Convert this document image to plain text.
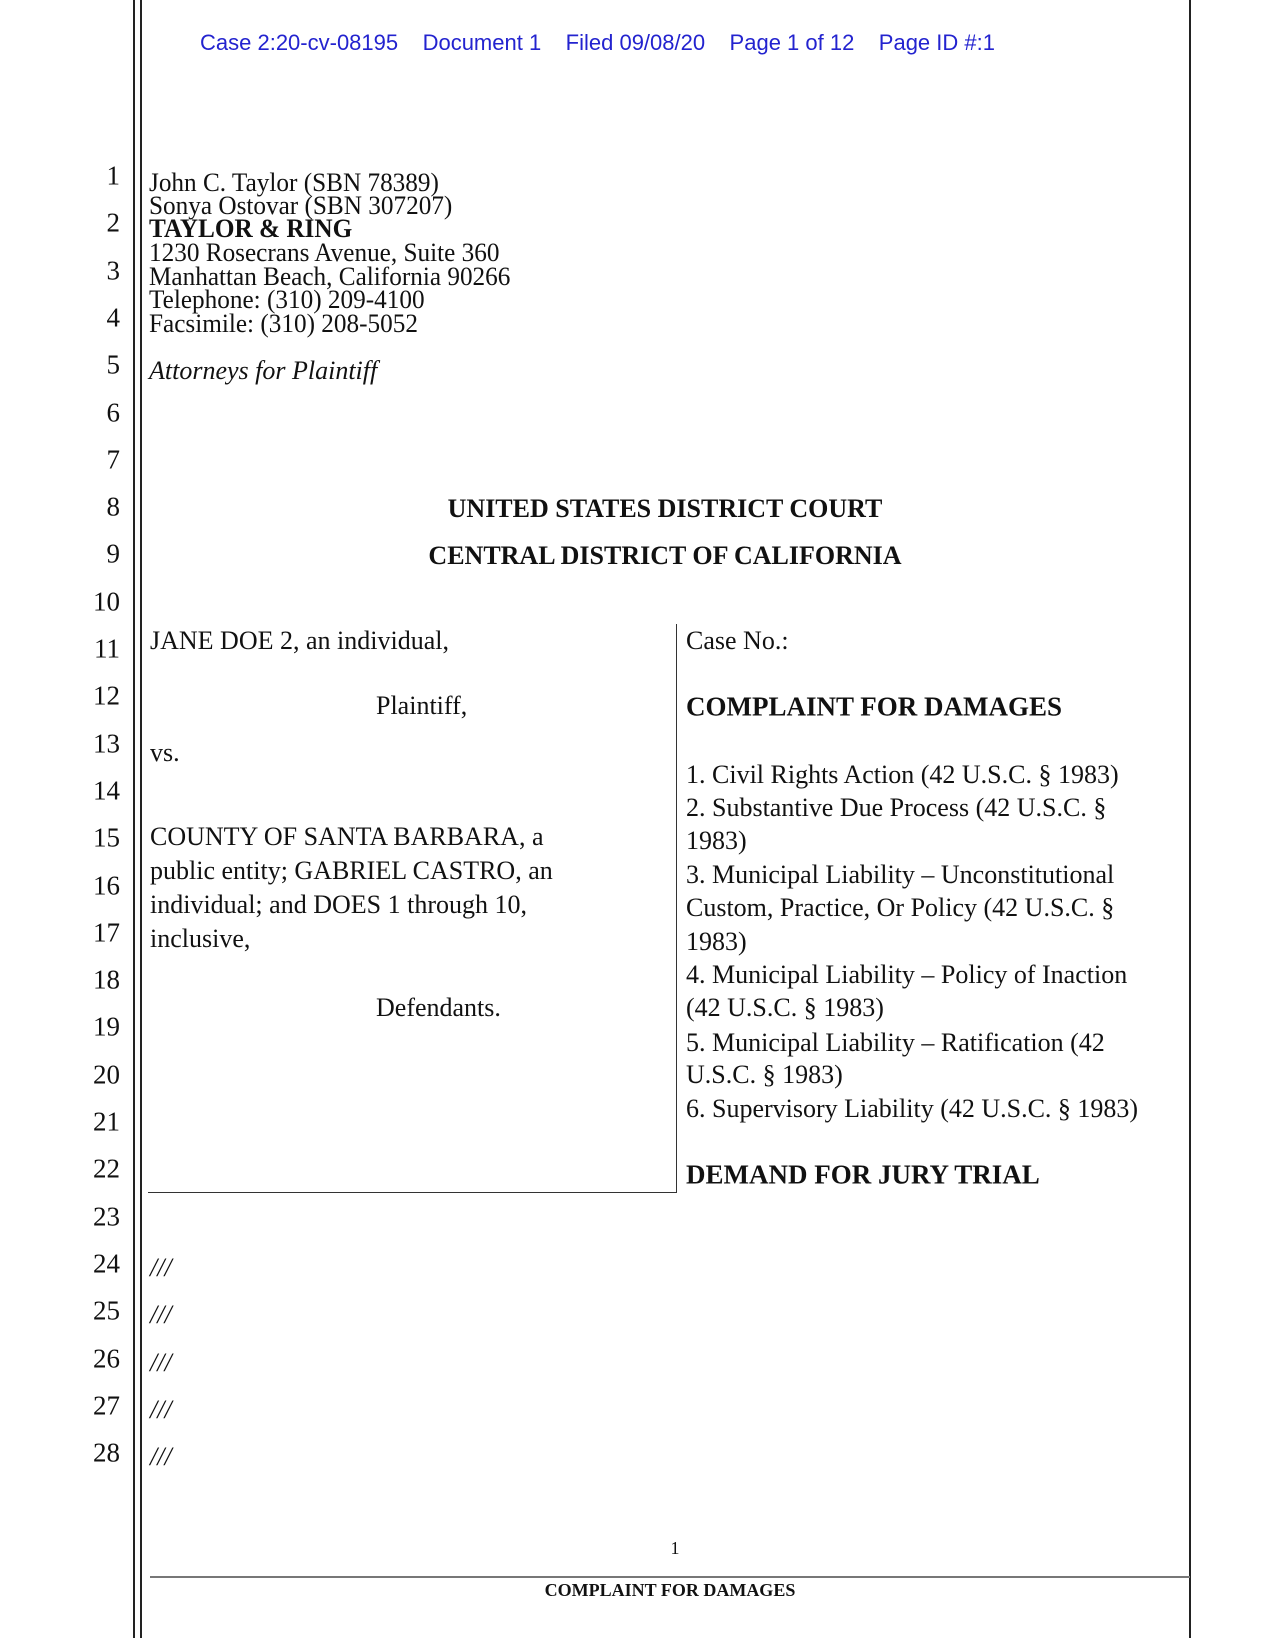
Case 2:20-cv-08195 Document 1 Filed 09/08/20 Page 1 of 12 Page ID #:1
1
2
3
4
5
6
7
8
9
10
11
12
13
14
15
16
17
18
19
20
21
22
23
24
25
26
27
28
John C. Taylor (SBN 78389)
Sonya Ostovar (SBN 307207)
TAYLOR & RING
1230 Rosecrans Avenue, Suite 360
Manhattan Beach, California 90266
Telephone: (310) 209-4100
Facsimile: (310) 208-5052
Attorneys for Plaintiff
UNITED STATES DISTRICT COURT
CENTRAL DISTRICT OF CALIFORNIA
JANE DOE 2, an individual,
Plaintiff,
vs.
COUNTY OF SANTA BARBARA, a
public entity; GABRIEL CASTRO, an
individual; and DOES 1 through 10,
inclusive,
Defendants.
Case No.:
COMPLAINT FOR DAMAGES
1. Civil Rights Action (42 U.S.C. § 1983)
2. Substantive Due Process (42 U.S.C. §
1983)
3. Municipal Liability – Unconstitutional
Custom, Practice, Or Policy (42 U.S.C. §
1983)
4. Municipal Liability – Policy of Inaction
(42 U.S.C. § 1983)
5. Municipal Liability – Ratification (42
U.S.C. § 1983)
6. Supervisory Liability (42 U.S.C. § 1983)
DEMAND FOR JURY TRIAL
///
///
///
///
///
1
COMPLAINT FOR DAMAGES
